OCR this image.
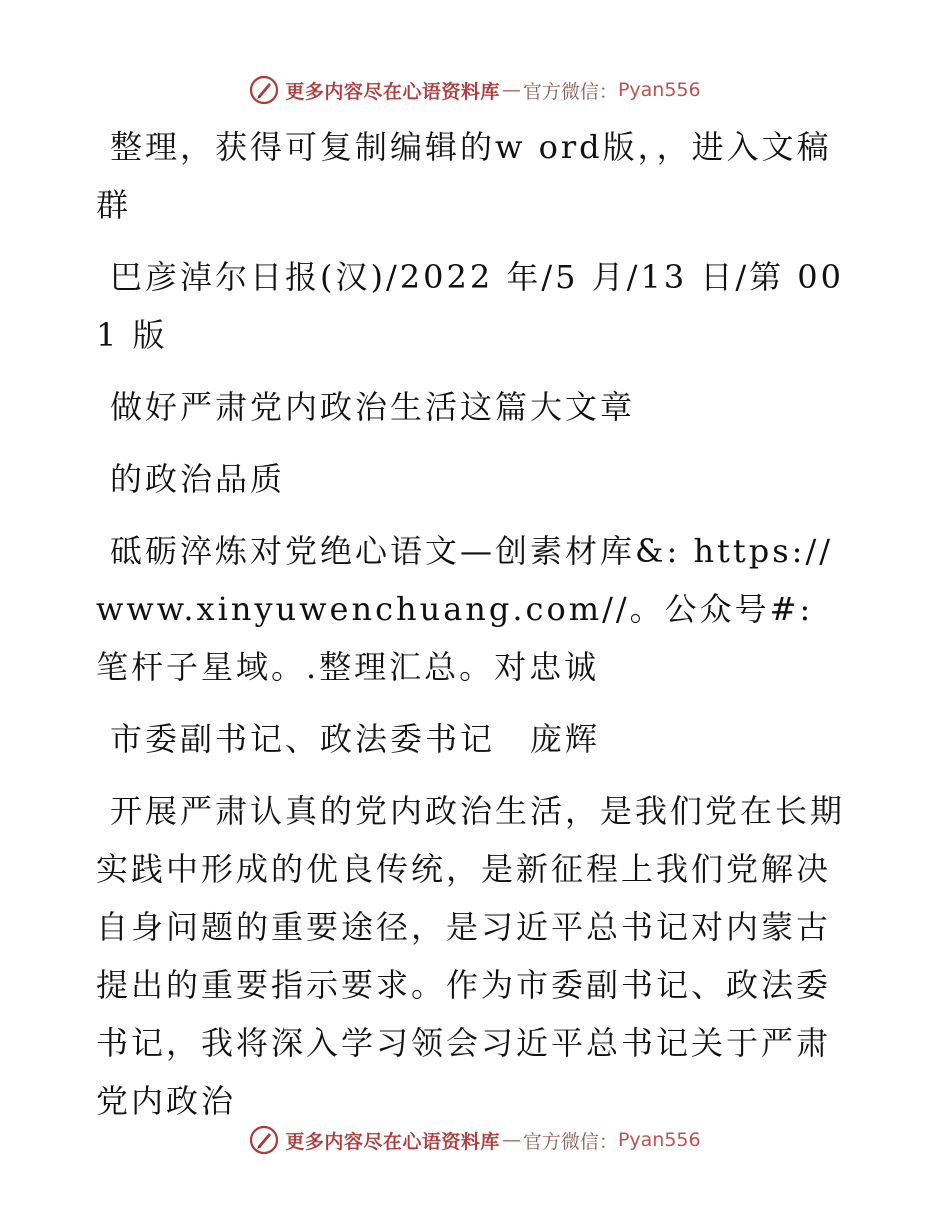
更多内容尽在心语资料库 — 官方微信： Pyan556

整理，获得可复制编辑的w ord版，，进入文稿群

巴彦淖尔日报(汉)/2022 年/5 月/13 日/第 001 版

做好严肃党内政治生活这篇大文章

的政治品质

砥砺淬炼对党绝心语文—创素材库&: https://www.xinyuwenchuang.com//。公众号#: 笔杆子星域。.整理汇总。对忠诚

市委副书记、政法委书记　庞辉

开展严肃认真的党内政治生活，是我们党在长期实践中形成的优良传统，是新征程上我们党解决自身问题的重要途径，是习近平总书记对内蒙古提出的重要指示要求。作为市委副书记、政法委书记，我将深入学习领会习近平总书记关于严肃党内政治

更多内容尽在心语资料库 — 官方微信： Pyan556
